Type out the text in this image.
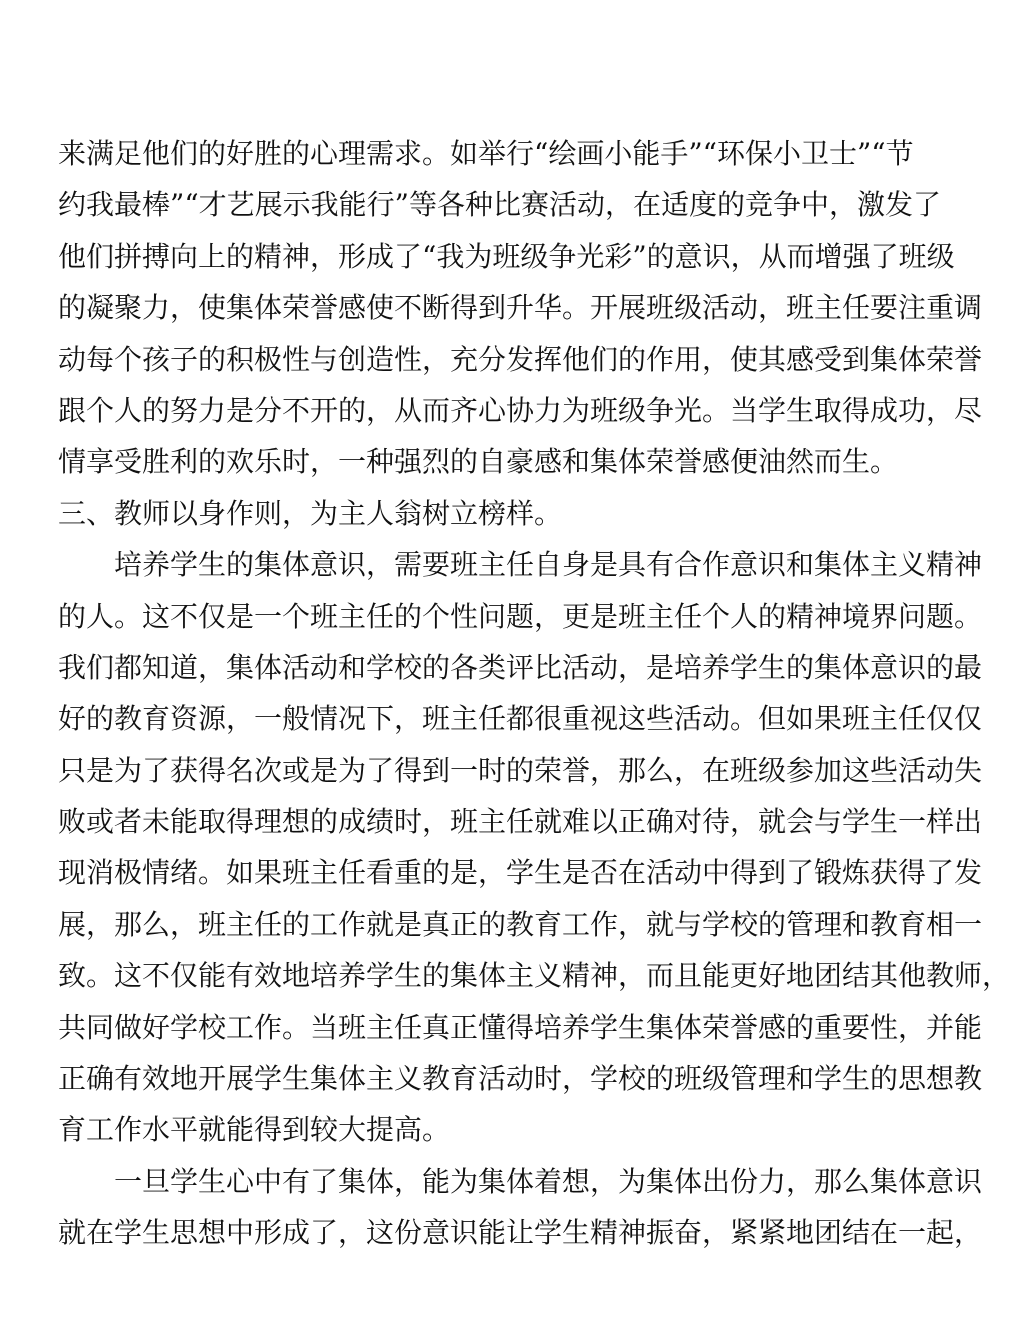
来满足他们的好胜的心理需求。如举行“绘画小能手”“环保小卫士”“节
约我最棒”“才艺展示我能行”等各种比赛活动，在适度的竞争中，激发了
他们拼搏向上的精神，形成了“我为班级争光彩”的意识，从而增强了班级
的凝聚力，使集体荣誉感使不断得到升华。开展班级活动，班主任要注重调
动每个孩子的积极性与创造性，充分发挥他们的作用，使其感受到集体荣誉
跟个人的努力是分不开的，从而齐心协力为班级争光。当学生取得成功，尽
情享受胜利的欢乐时，一种强烈的自豪感和集体荣誉感便油然而生。
三、教师以身作则，为主人翁树立榜样。
培养学生的集体意识，需要班主任自身是具有合作意识和集体主义精神
的人。这不仅是一个班主任的个性问题，更是班主任个人的精神境界问题。
我们都知道，集体活动和学校的各类评比活动，是培养学生的集体意识的最
好的教育资源，一般情况下，班主任都很重视这些活动。但如果班主任仅仅
只是为了获得名次或是为了得到一时的荣誉，那么，在班级参加这些活动失
败或者未能取得理想的成绩时，班主任就难以正确对待，就会与学生一样出
现消极情绪。如果班主任看重的是，学生是否在活动中得到了锻炼获得了发
展，那么，班主任的工作就是真正的教育工作，就与学校的管理和教育相一
致。这不仅能有效地培养学生的集体主义精神，而且能更好地团结其他教师，
共同做好学校工作。当班主任真正懂得培养学生集体荣誉感的重要性，并能
正确有效地开展学生集体主义教育活动时，学校的班级管理和学生的思想教
育工作水平就能得到较大提高。
一旦学生心中有了集体，能为集体着想，为集体出份力，那么集体意识
就在学生思想中形成了，这份意识能让学生精神振奋，紧紧地团结在一起，
